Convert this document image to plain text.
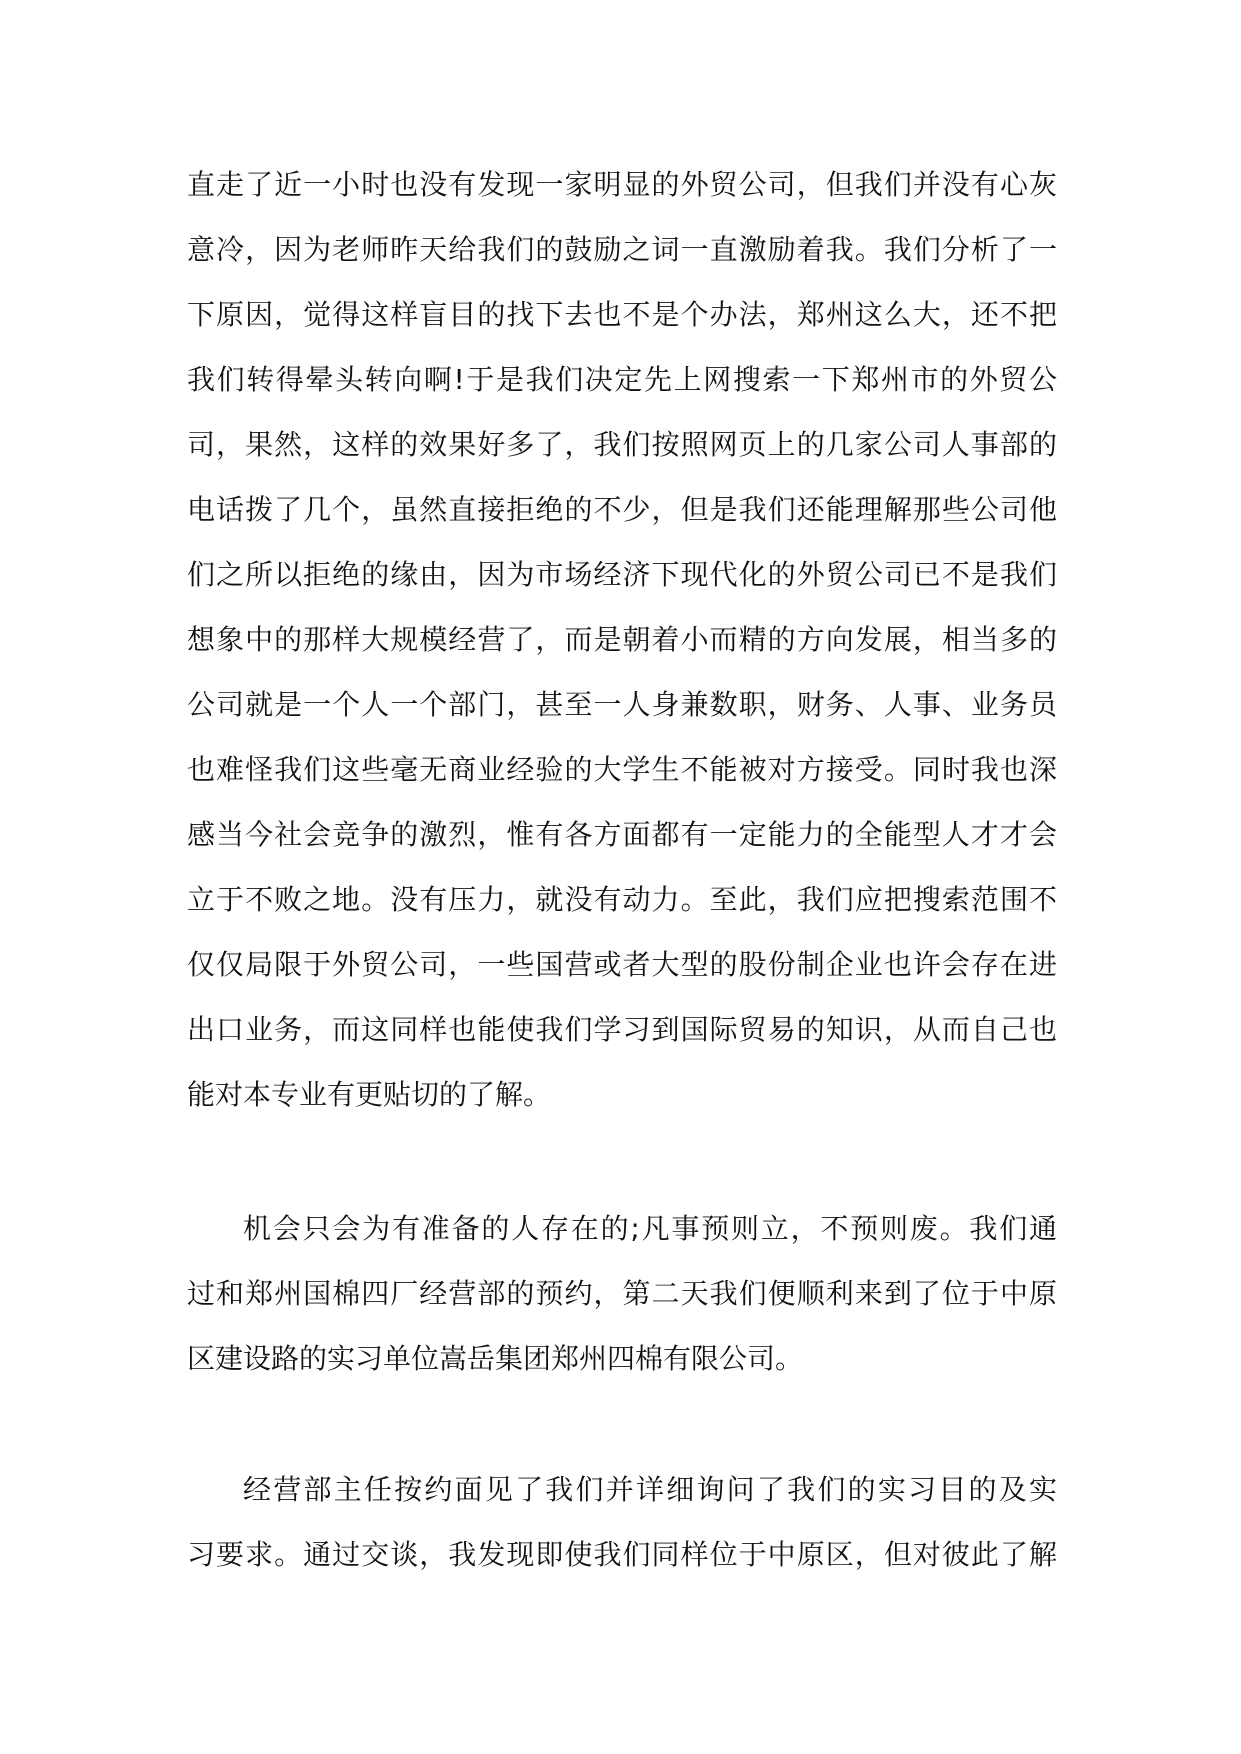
直走了近一小时也没有发现一家明显的外贸公司，但我们并没有心灰
意冷，因为老师昨天给我们的鼓励之词一直激励着我。我们分析了一
下原因，觉得这样盲目的找下去也不是个办法，郑州这么大，还不把
我们转得晕头转向啊!于是我们决定先上网搜索一下郑州市的外贸公
司，果然，这样的效果好多了，我们按照网页上的几家公司人事部的
电话拨了几个，虽然直接拒绝的不少，但是我们还能理解那些公司他
们之所以拒绝的缘由，因为市场经济下现代化的外贸公司已不是我们
想象中的那样大规模经营了，而是朝着小而精的方向发展，相当多的
公司就是一个人一个部门，甚至一人身兼数职，财务、人事、业务员
也难怪我们这些毫无商业经验的大学生不能被对方接受。同时我也深
感当今社会竞争的激烈，惟有各方面都有一定能力的全能型人才才会
立于不败之地。没有压力，就没有动力。至此，我们应把搜索范围不
仅仅局限于外贸公司，一些国营或者大型的股份制企业也许会存在进
出口业务，而这同样也能使我们学习到国际贸易的知识，从而自己也
能对本专业有更贴切的了解。
机会只会为有准备的人存在的;凡事预则立，不预则废。我们通
过和郑州国棉四厂经营部的预约，第二天我们便顺利来到了位于中原
区建设路的实习单位嵩岳集团郑州四棉有限公司。
经营部主任按约面见了我们并详细询问了我们的实习目的及实
习要求。通过交谈，我发现即使我们同样位于中原区，但对彼此了解
